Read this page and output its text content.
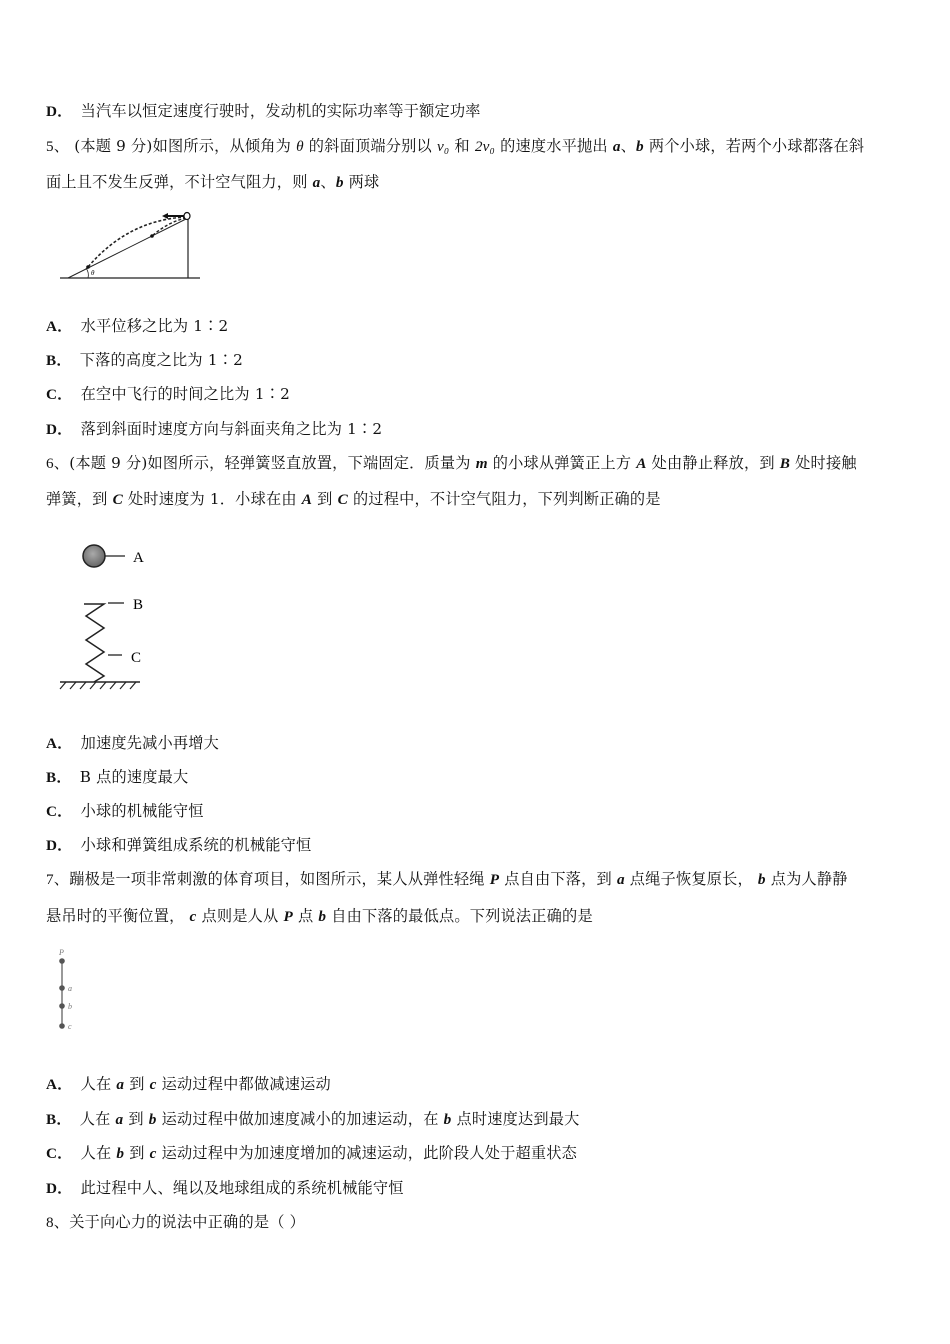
D． 当汽车以恒定速度行驶时，发动机的实际功率等于额定功率
5、 (本题 9 分)如图所示，从倾角为 θ 的斜面顶端分别以 v₀ 和 2v₀ 的速度水平抛出 a、b 两个小球，若两个小球都落在斜
面上且不发生反弹，不计空气阻力，则 a、b 两球
θ
A． 水平位移之比为 1∶2
B． 下落的高度之比为 1∶2
C． 在空中飞行的时间之比为 1∶2
D． 落到斜面时速度方向与斜面夹角之比为 1∶2
6、(本题 9 分)如图所示，轻弹簧竖直放置，下端固定．质量为 m 的小球从弹簧正上方 A 处由静止释放，到 B 处时接触
弹簧，到 C 处时速度为 1．小球在由 A 到 C 的过程中，不计空气阻力，下列判断正确的是
A
B
C
A． 加速度先减小再增大
B． B 点的速度最大
C． 小球的机械能守恒
D． 小球和弹簧组成系统的机械能守恒
7、蹦极是一项非常刺激的体育项目，如图所示，某人从弹性轻绳 P 点自由下落，到 a 点绳子恢复原长， b 点为人静静
悬吊时的平衡位置， c 点则是人从 P 点 b 自由下落的最低点。下列说法正确的是
P
a
b
c
A． 人在 a 到 c 运动过程中都做减速运动
B． 人在 a 到 b 运动过程中做加速度减小的加速运动，在 b 点时速度达到最大
C． 人在 b 到 c 运动过程中为加速度增加的减速运动，此阶段人处于超重状态
D． 此过程中人、绳以及地球组成的系统机械能守恒
8、关于向心力的说法中正确的是（ ）
